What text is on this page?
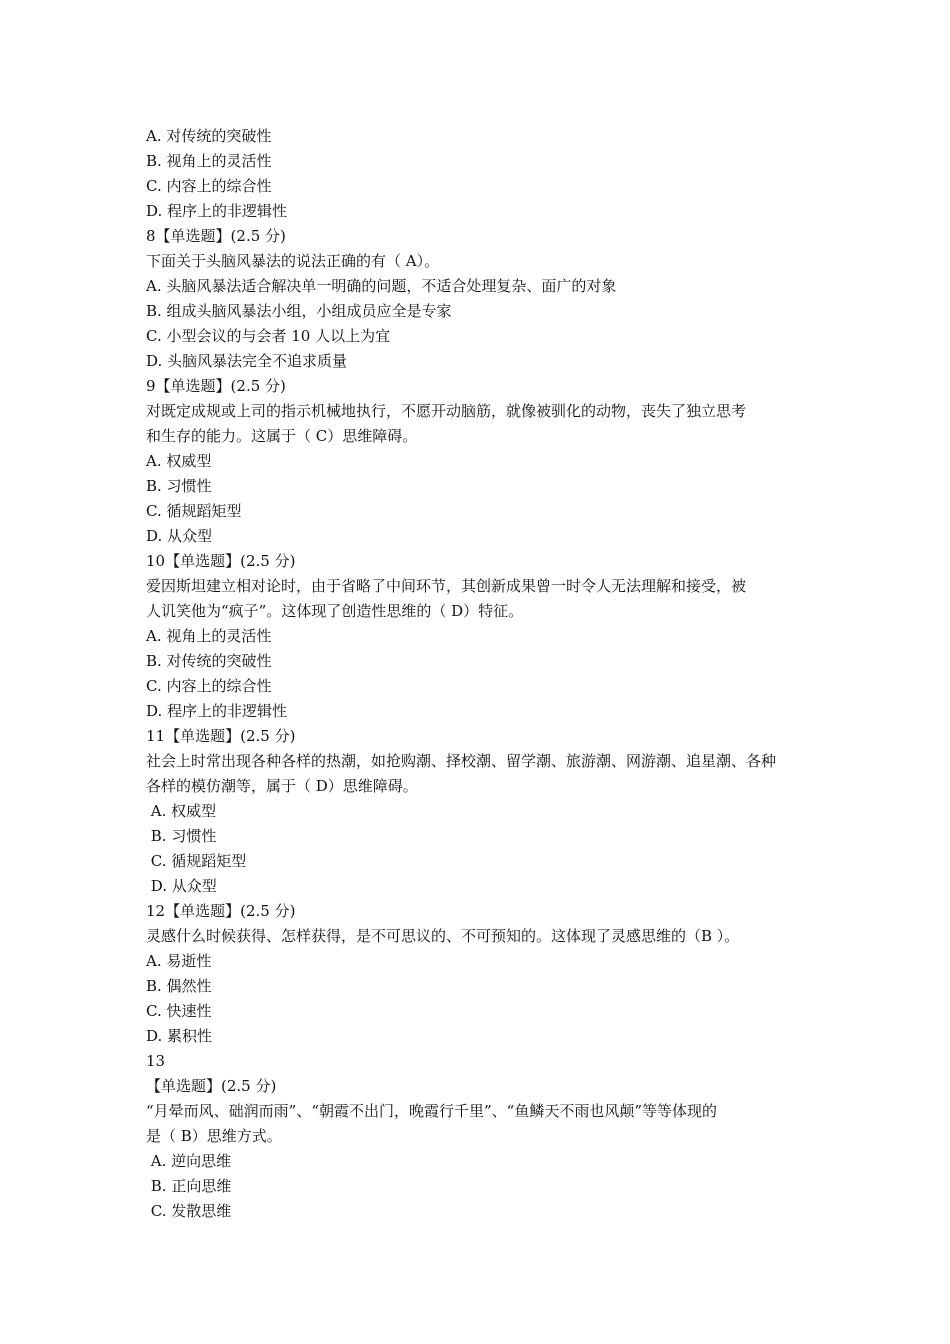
A. 对传统的突破性
B. 视角上的灵活性
C. 内容上的综合性
D. 程序上的非逻辑性
8【单选题】(2.5 分)
下面关于头脑风暴法的说法正确的有（ A）。
A. 头脑风暴法适合解决单一明确的问题，不适合处理复杂、面广的对象
B. 组成头脑风暴法小组，小组成员应全是专家
C. 小型会议的与会者 10 人以上为宜
D. 头脑风暴法完全不追求质量
9【单选题】(2.5 分)
对既定成规或上司的指示机械地执行，不愿开动脑筋，就像被驯化的动物，丧失了独立思考
和生存的能力。这属于（ C）思维障碍。
A. 权威型
B. 习惯性
C. 循规蹈矩型
D. 从众型
10【单选题】(2.5 分)
爱因斯坦建立相对论时，由于省略了中间环节，其创新成果曾一时令人无法理解和接受，被
人讥笑他为“疯子”。这体现了创造性思维的（ D）特征。
A. 视角上的灵活性
B. 对传统的突破性
C. 内容上的综合性
D. 程序上的非逻辑性
11【单选题】(2.5 分)
社会上时常出现各种各样的热潮，如抢购潮、择校潮、留学潮、旅游潮、网游潮、追星潮、各种
各样的模仿潮等，属于（ D）思维障碍。
A. 权威型
B. 习惯性
C. 循规蹈矩型
D. 从众型
12【单选题】(2.5 分)
灵感什么时候获得、怎样获得，是不可思议的、不可预知的。这体现了灵感思维的（B ）。
A. 易逝性
B. 偶然性
C. 快速性
D. 累积性
13
【单选题】(2.5 分)
“月晕而风、础润而雨”、“朝霞不出门，晚霞行千里”、“鱼鳞天不雨也风颠”等等体现的
是（ B）思维方式。
A. 逆向思维
B. 正向思维
C. 发散思维
